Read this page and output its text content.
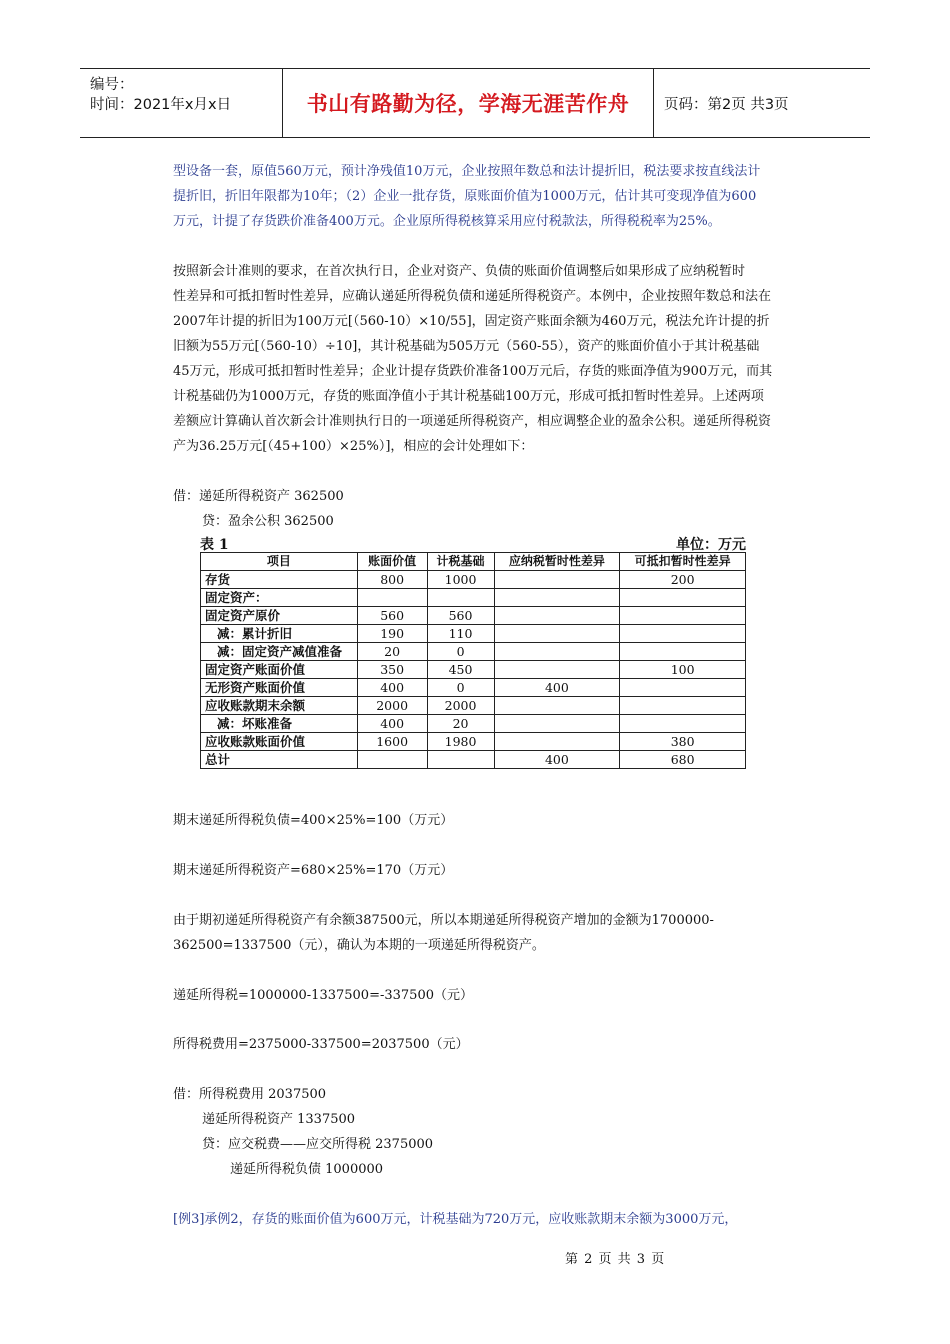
编号：
时间：2021年x月x日	书山有路勤为径，学海无涯苦作舟 页码：第2页 共3页
型设备一套，原值560万元，预计净残值10万元，企业按照年数总和法计提折旧，税法要求按直线法计
提折旧，折旧年限都为10年；（2）企业一批存货，原账面价值为1000万元，估计其可变现净值为600
万元，计提了存货跌价准备400万元。企业原所得税核算采用应付税款法，所得税税率为25%。
按照新会计准则的要求，在首次执行日，企业对资产、负债的账面价值调整后如果形成了应纳税暂时
性差异和可抵扣暂时性差异，应确认递延所得税负债和递延所得税资产。本例中，企业按照年数总和法在
2007年计提的折旧为100万元[（560-10）×10/55]，固定资产账面余额为460万元，税法允许计提的折
旧额为55万元[（560-10）÷10]，其计税基础为505万元（560-55），资产的账面价值小于其计税基础
45万元，形成可抵扣暂时性差异；企业计提存货跌价准备100万元后，存货的账面净值为900万元，而其
计税基础仍为1000万元，存货的账面净值小于其计税基础100万元，形成可抵扣暂时性差异。上述两项
差额应计算确认首次新会计准则执行日的一项递延所得税资产，相应调整企业的盈余公积。递延所得税资
产为36.25万元[（45+100）×25%）]，相应的会计处理如下：
借：递延所得税资产 362500
贷：盈余公积 362500
表 1	单位：万元
项目	账面价值	计税基础	应纳税暂时性差异	可抵扣暂时性差异
存货	800	1000		200
固定资产：				
固定资产原价	560	560		
减：累计折旧	190	110		
减：固定资产减值准备	20	0		
固定资产账面价值	350	450		100
无形资产账面价值	400	0	400	
应收账款期末余额	2000	2000		
减：坏账准备	400	20		
应收账款账面价值	1600	1980		380
总计			400	680
期末递延所得税负债=400×25%=100（万元）
期末递延所得税资产=680×25%=170（万元）
由于期初递延所得税资产有余额387500元，所以本期递延所得税资产增加的金额为1700000-
362500=1337500（元），确认为本期的一项递延所得税资产。
递延所得税=1000000-1337500=-337500（元）
所得税费用=2375000-337500=2037500（元）
借：所得税费用 2037500
递延所得税资产 1337500
贷：应交税费——应交所得税 2375000
递延所得税负债 1000000
[例3]承例2，存货的账面价值为600万元，计税基础为720万元，应收账款期末余额为3000万元，
第 2 页 共 3 页
